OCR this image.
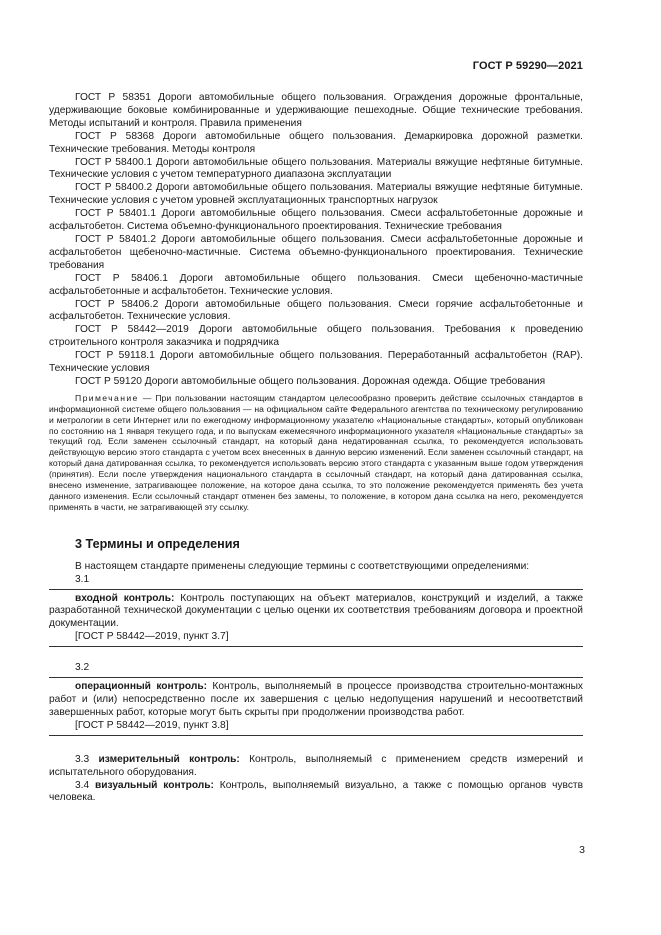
ГОСТ Р 59290—2021

ГОСТ Р 58351 Дороги автомобильные общего пользования. Ограждения дорожные фронтальные, удерживающие боковые комбинированные и удерживающие пешеходные. Общие технические требования. Методы испытаний и контроля. Правила применения

ГОСТ Р 58368 Дороги автомобильные общего пользования. Демаркировка дорожной разметки. Технические требования. Методы контроля

ГОСТ Р 58400.1 Дороги автомобильные общего пользования. Материалы вяжущие нефтяные битумные. Технические условия с учетом температурного диапазона эксплуатации

ГОСТ Р 58400.2 Дороги автомобильные общего пользования. Материалы вяжущие нефтяные битумные. Технические условия с учетом уровней эксплуатационных транспортных нагрузок

ГОСТ Р 58401.1 Дороги автомобильные общего пользования. Смеси асфальтобетонные дорожные и асфальтобетон. Система объемно-функционального проектирования. Технические требования

ГОСТ Р 58401.2 Дороги автомобильные общего пользования. Смеси асфальтобетонные дорожные и асфальтобетон щебеночно-мастичные. Система объемно-функционального проектирования. Технические требования

ГОСТ Р 58406.1 Дороги автомобильные общего пользования. Смеси щебеночно-мастичные асфальтобетонные и асфальтобетон. Технические условия.

ГОСТ Р 58406.2 Дороги автомобильные общего пользования. Смеси горячие асфальтобетонные и асфальтобетон. Технические условия.

ГОСТ Р 58442—2019 Дороги автомобильные общего пользования. Требования к проведению строительного контроля заказчика и подрядчика

ГОСТ Р 59118.1 Дороги автомобильные общего пользования. Переработанный асфальтобетон (RAP). Технические условия

ГОСТ Р 59120 Дороги автомобильные общего пользования. Дорожная одежда. Общие требования

Примечание — При пользовании настоящим стандартом целесообразно проверить действие ссылочных стандартов в информационной системе общего пользования — на официальном сайте Федерального агентства по техническому регулированию и метрологии в сети Интернет или по ежегодному информационному указателю «Национальные стандарты», который опубликован по состоянию на 1 января текущего года, и по выпускам ежемесячного информационного указателя «Национальные стандарты» за текущий год. Если заменен ссылочный стандарт, на который дана недатированная ссылка, то рекомендуется использовать действующую версию этого стандарта с учетом всех внесенных в данную версию изменений. Если заменен ссылочный стандарт, на который дана датированная ссылка, то рекомендуется использовать версию этого стандарта с указанным выше годом утверждения (принятия). Если после утверждения национального стандарта в ссылочный стандарт, на который дана датированная ссылка, внесено изменение, затрагивающее положение, на которое дана ссылка, то это положение рекомендуется применять без учета данного изменения. Если ссылочный стандарт отменен без замены, то положение, в котором дана ссылка на него, рекомендуется применять в части, не затрагивающей эту ссылку.

3 Термины и определения

В настоящем стандарте применены следующие термины с соответствующими определениями:

3.1
входной контроль: Контроль поступающих на объект материалов, конструкций и изделий, а также разработанной технической документации с целью оценки их соответствия требованиям договора и проектной документации.
[ГОСТ Р 58442—2019, пункт 3.7]
3.2
операционный контроль: Контроль, выполняемый в процессе производства строительно-монтажных работ и (или) непосредственно после их завершения с целью недопущения нарушений и несоответствий завершенных работ, которые могут быть скрыты при продолжении производства работ.
[ГОСТ Р 58442—2019, пункт 3.8]

3.3 измерительный контроль: Контроль, выполняемый с применением средств измерений и испытательного оборудования.

3.4 визуальный контроль: Контроль, выполняемый визуально, а также с помощью органов чувств человека.

3
